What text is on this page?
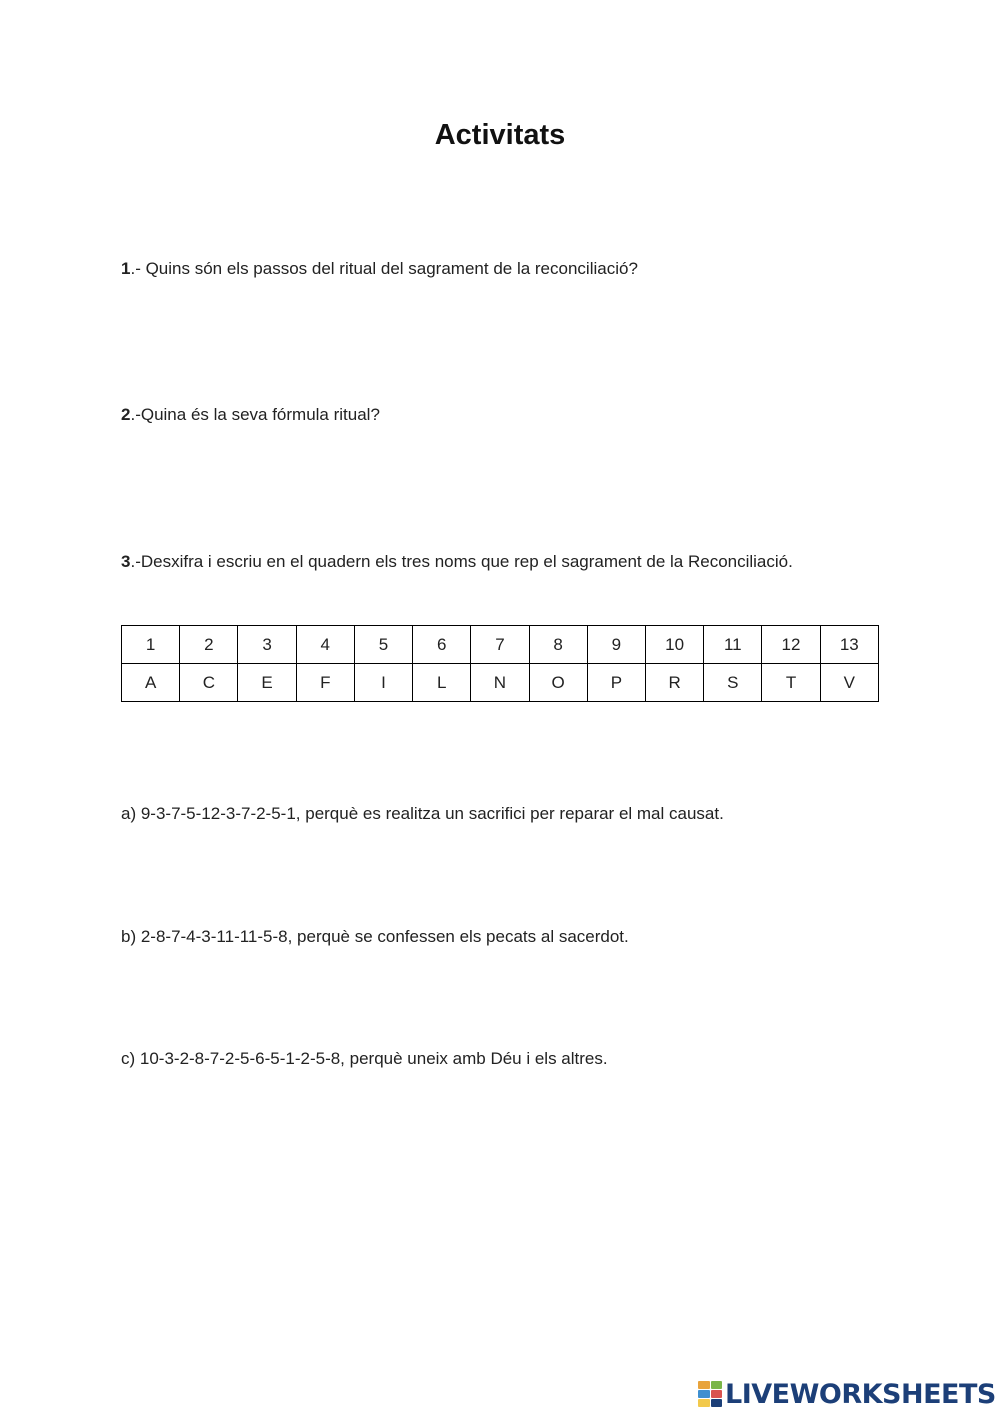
Activitats

1.- Quins són els passos del ritual del sagrament de la reconciliació?

2.-Quina és la seva fórmula ritual?

3.-Desxifra i escriu en el quadern els tres noms que rep el sagrament de la Reconciliació.

1	2	3	4	5	6	7	8	9	10	11	12	13
A	C	E	F	I	L	N	O	P	R	S	T	V

a) 9-3-7-5-12-3-7-2-5-1, perquè es realitza un sacrifici per reparar el mal causat.

b) 2-8-7-4-3-11-11-5-8, perquè se confessen els pecats al sacerdot.

c) 10-3-2-8-7-2-5-6-5-1-2-5-8, perquè uneix amb Déu i els altres.

LIVEWORKSHEETS
